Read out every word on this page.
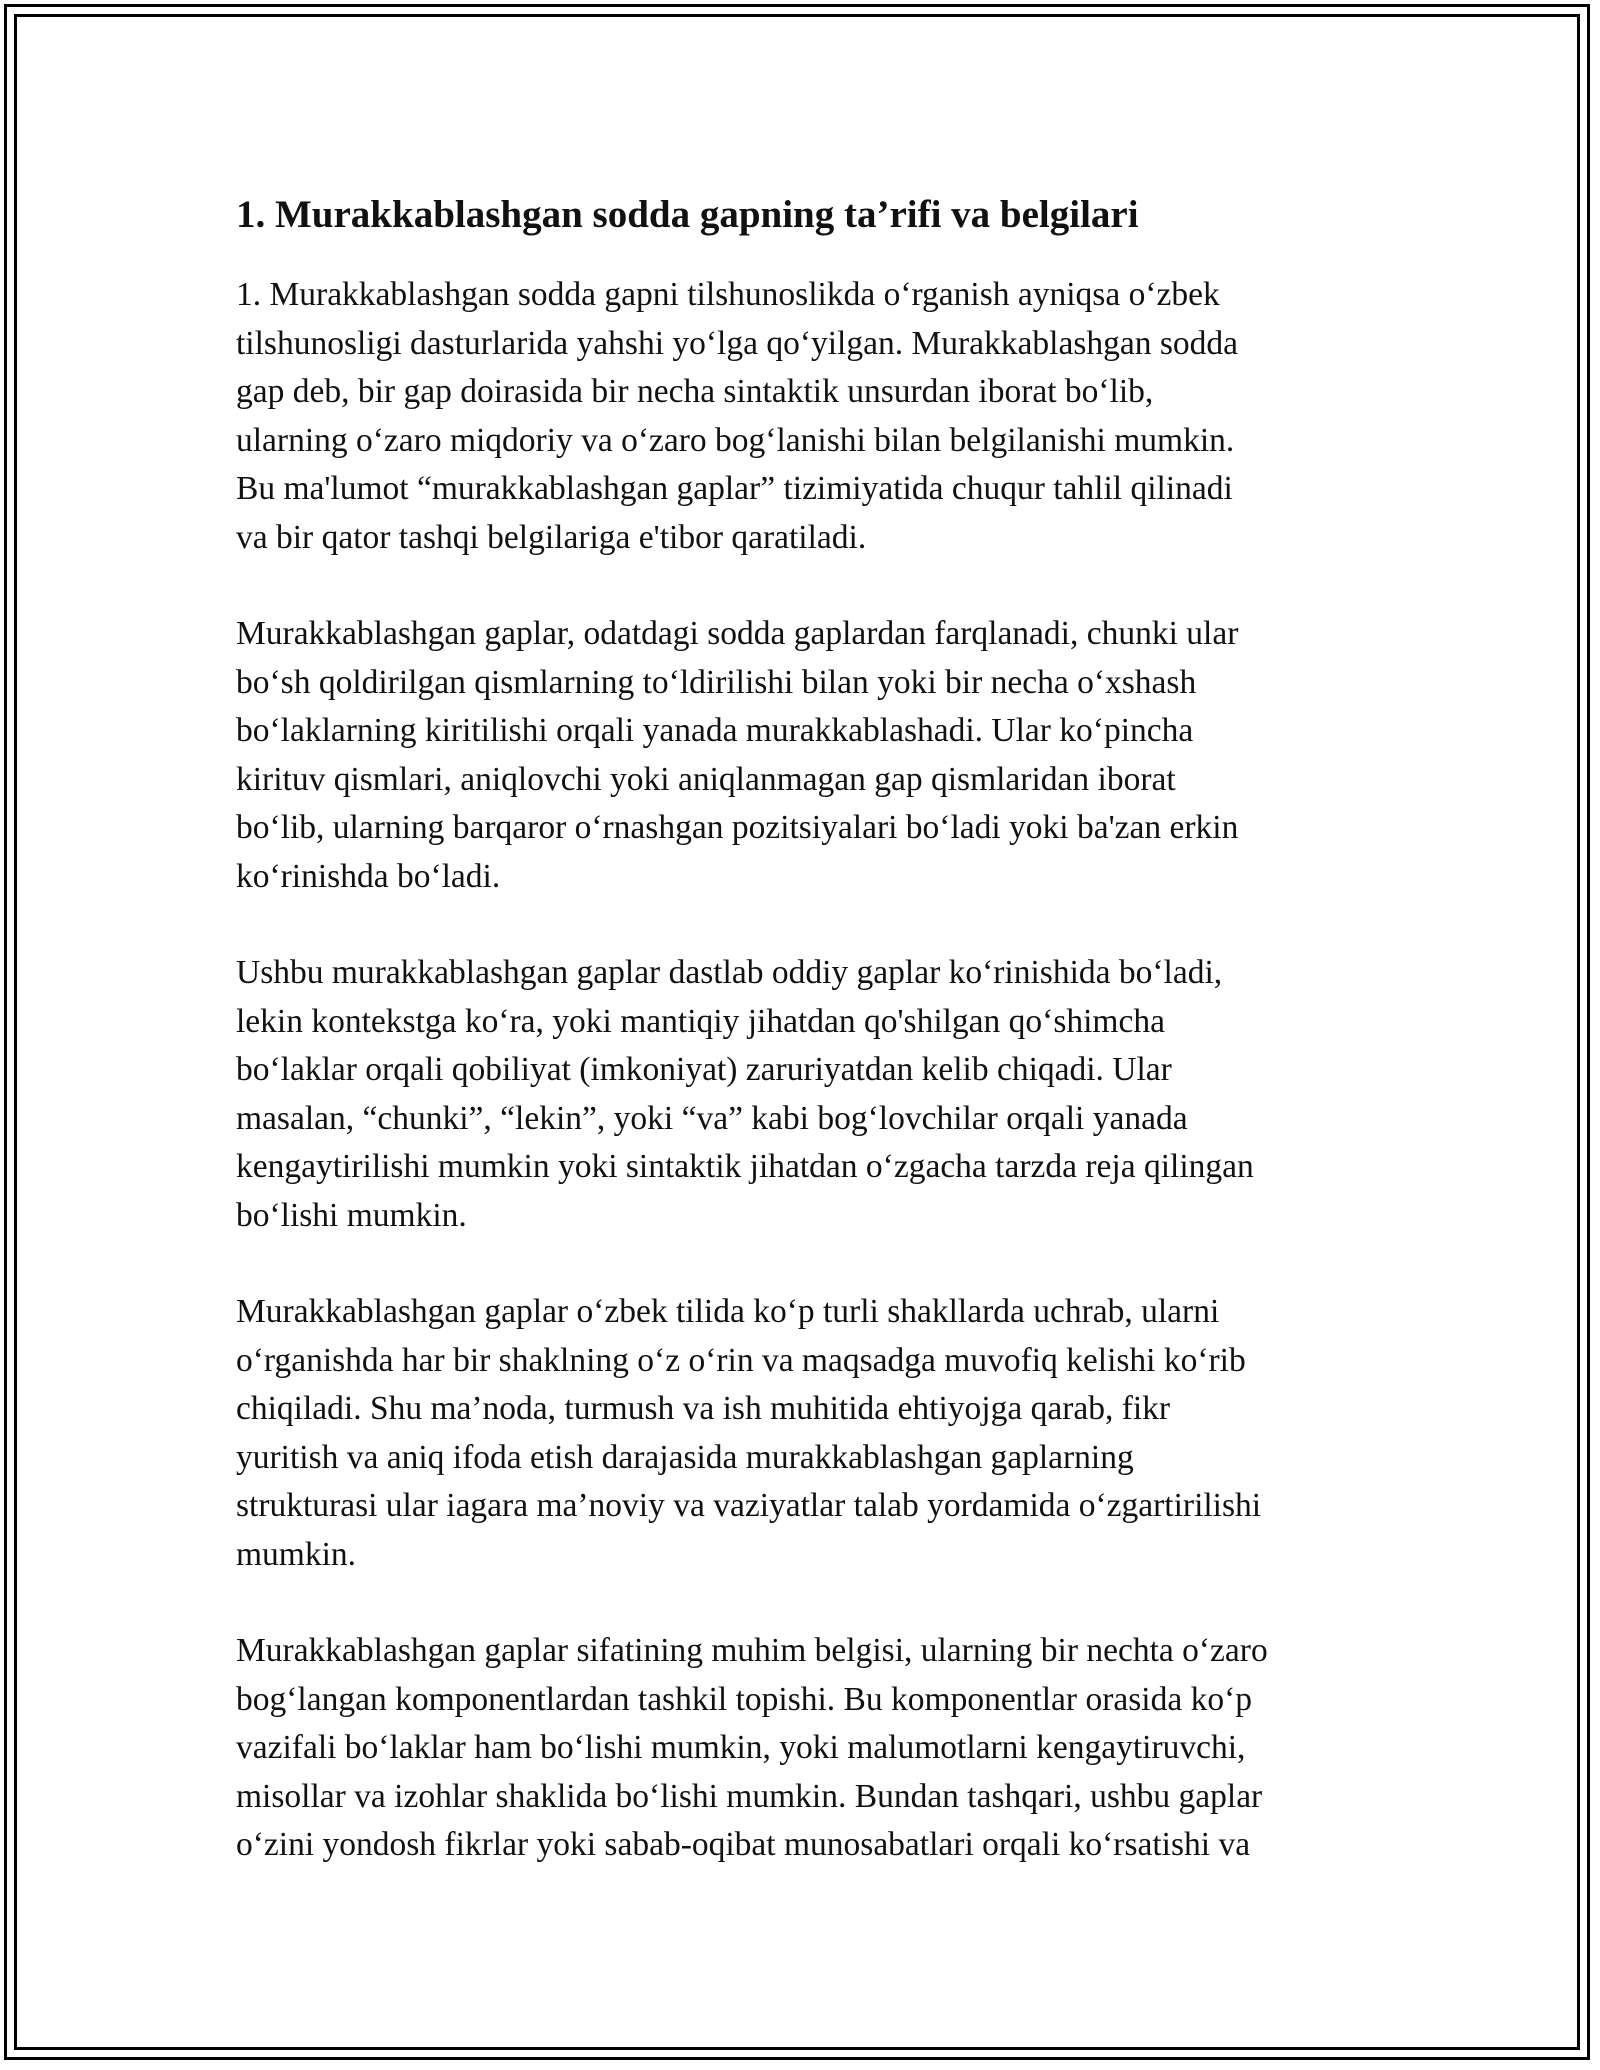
1. Murakkablashgan sodda gapning ta’rifi va belgilari
1. Murakkablashgan sodda gapni tilshunoslikda o‘rganish ayniqsa o‘zbek
tilshunosligi dasturlarida yahshi yo‘lga qo‘yilgan. Murakkablashgan sodda
gap deb, bir gap doirasida bir necha sintaktik unsurdan iborat bo‘lib,
ularning o‘zaro miqdoriy va o‘zaro bog‘lanishi bilan belgilanishi mumkin.
Bu ma'lumot “murakkablashgan gaplar” tizimiyatida chuqur tahlil qilinadi
va bir qator tashqi belgilariga e'tibor qaratiladi.
Murakkablashgan gaplar, odatdagi sodda gaplardan farqlanadi, chunki ular
bo‘sh qoldirilgan qismlarning to‘ldirilishi bilan yoki bir necha o‘xshash
bo‘laklarning kiritilishi orqali yanada murakkablashadi. Ular ko‘pincha
kirituv qismlari, aniqlovchi yoki aniqlanmagan gap qismlaridan iborat
bo‘lib, ularning barqaror o‘rnashgan pozitsiyalari bo‘ladi yoki ba'zan erkin
ko‘rinishda bo‘ladi.
Ushbu murakkablashgan gaplar dastlab oddiy gaplar ko‘rinishida bo‘ladi,
lekin kontekstga ko‘ra, yoki mantiqiy jihatdan qo'shilgan qo‘shimcha
bo‘laklar orqali qobiliyat (imkoniyat) zaruriyatdan kelib chiqadi. Ular
masalan, “chunki”, “lekin”, yoki “va” kabi bog‘lovchilar orqali yanada
kengaytirilishi mumkin yoki sintaktik jihatdan o‘zgacha tarzda reja qilingan
bo‘lishi mumkin.
Murakkablashgan gaplar o‘zbek tilida ko‘p turli shakllarda uchrab, ularni
o‘rganishda har bir shaklning o‘z o‘rin va maqsadga muvofiq kelishi ko‘rib
chiqiladi. Shu ma’noda, turmush va ish muhitida ehtiyojga qarab, fikr
yuritish va aniq ifoda etish darajasida murakkablashgan gaplarning
strukturasi ular iagara ma’noviy va vaziyatlar talab yordamida o‘zgartirilishi
mumkin.
Murakkablashgan gaplar sifatining muhim belgisi, ularning bir nechta o‘zaro
bog‘langan komponentlardan tashkil topishi. Bu komponentlar orasida ko‘p
vazifali bo‘laklar ham bo‘lishi mumkin, yoki malumotlarni kengaytiruvchi,
misollar va izohlar shaklida bo‘lishi mumkin. Bundan tashqari, ushbu gaplar
o‘zini yondosh fikrlar yoki sabab-oqibat munosabatlari orqali ko‘rsatishi va
